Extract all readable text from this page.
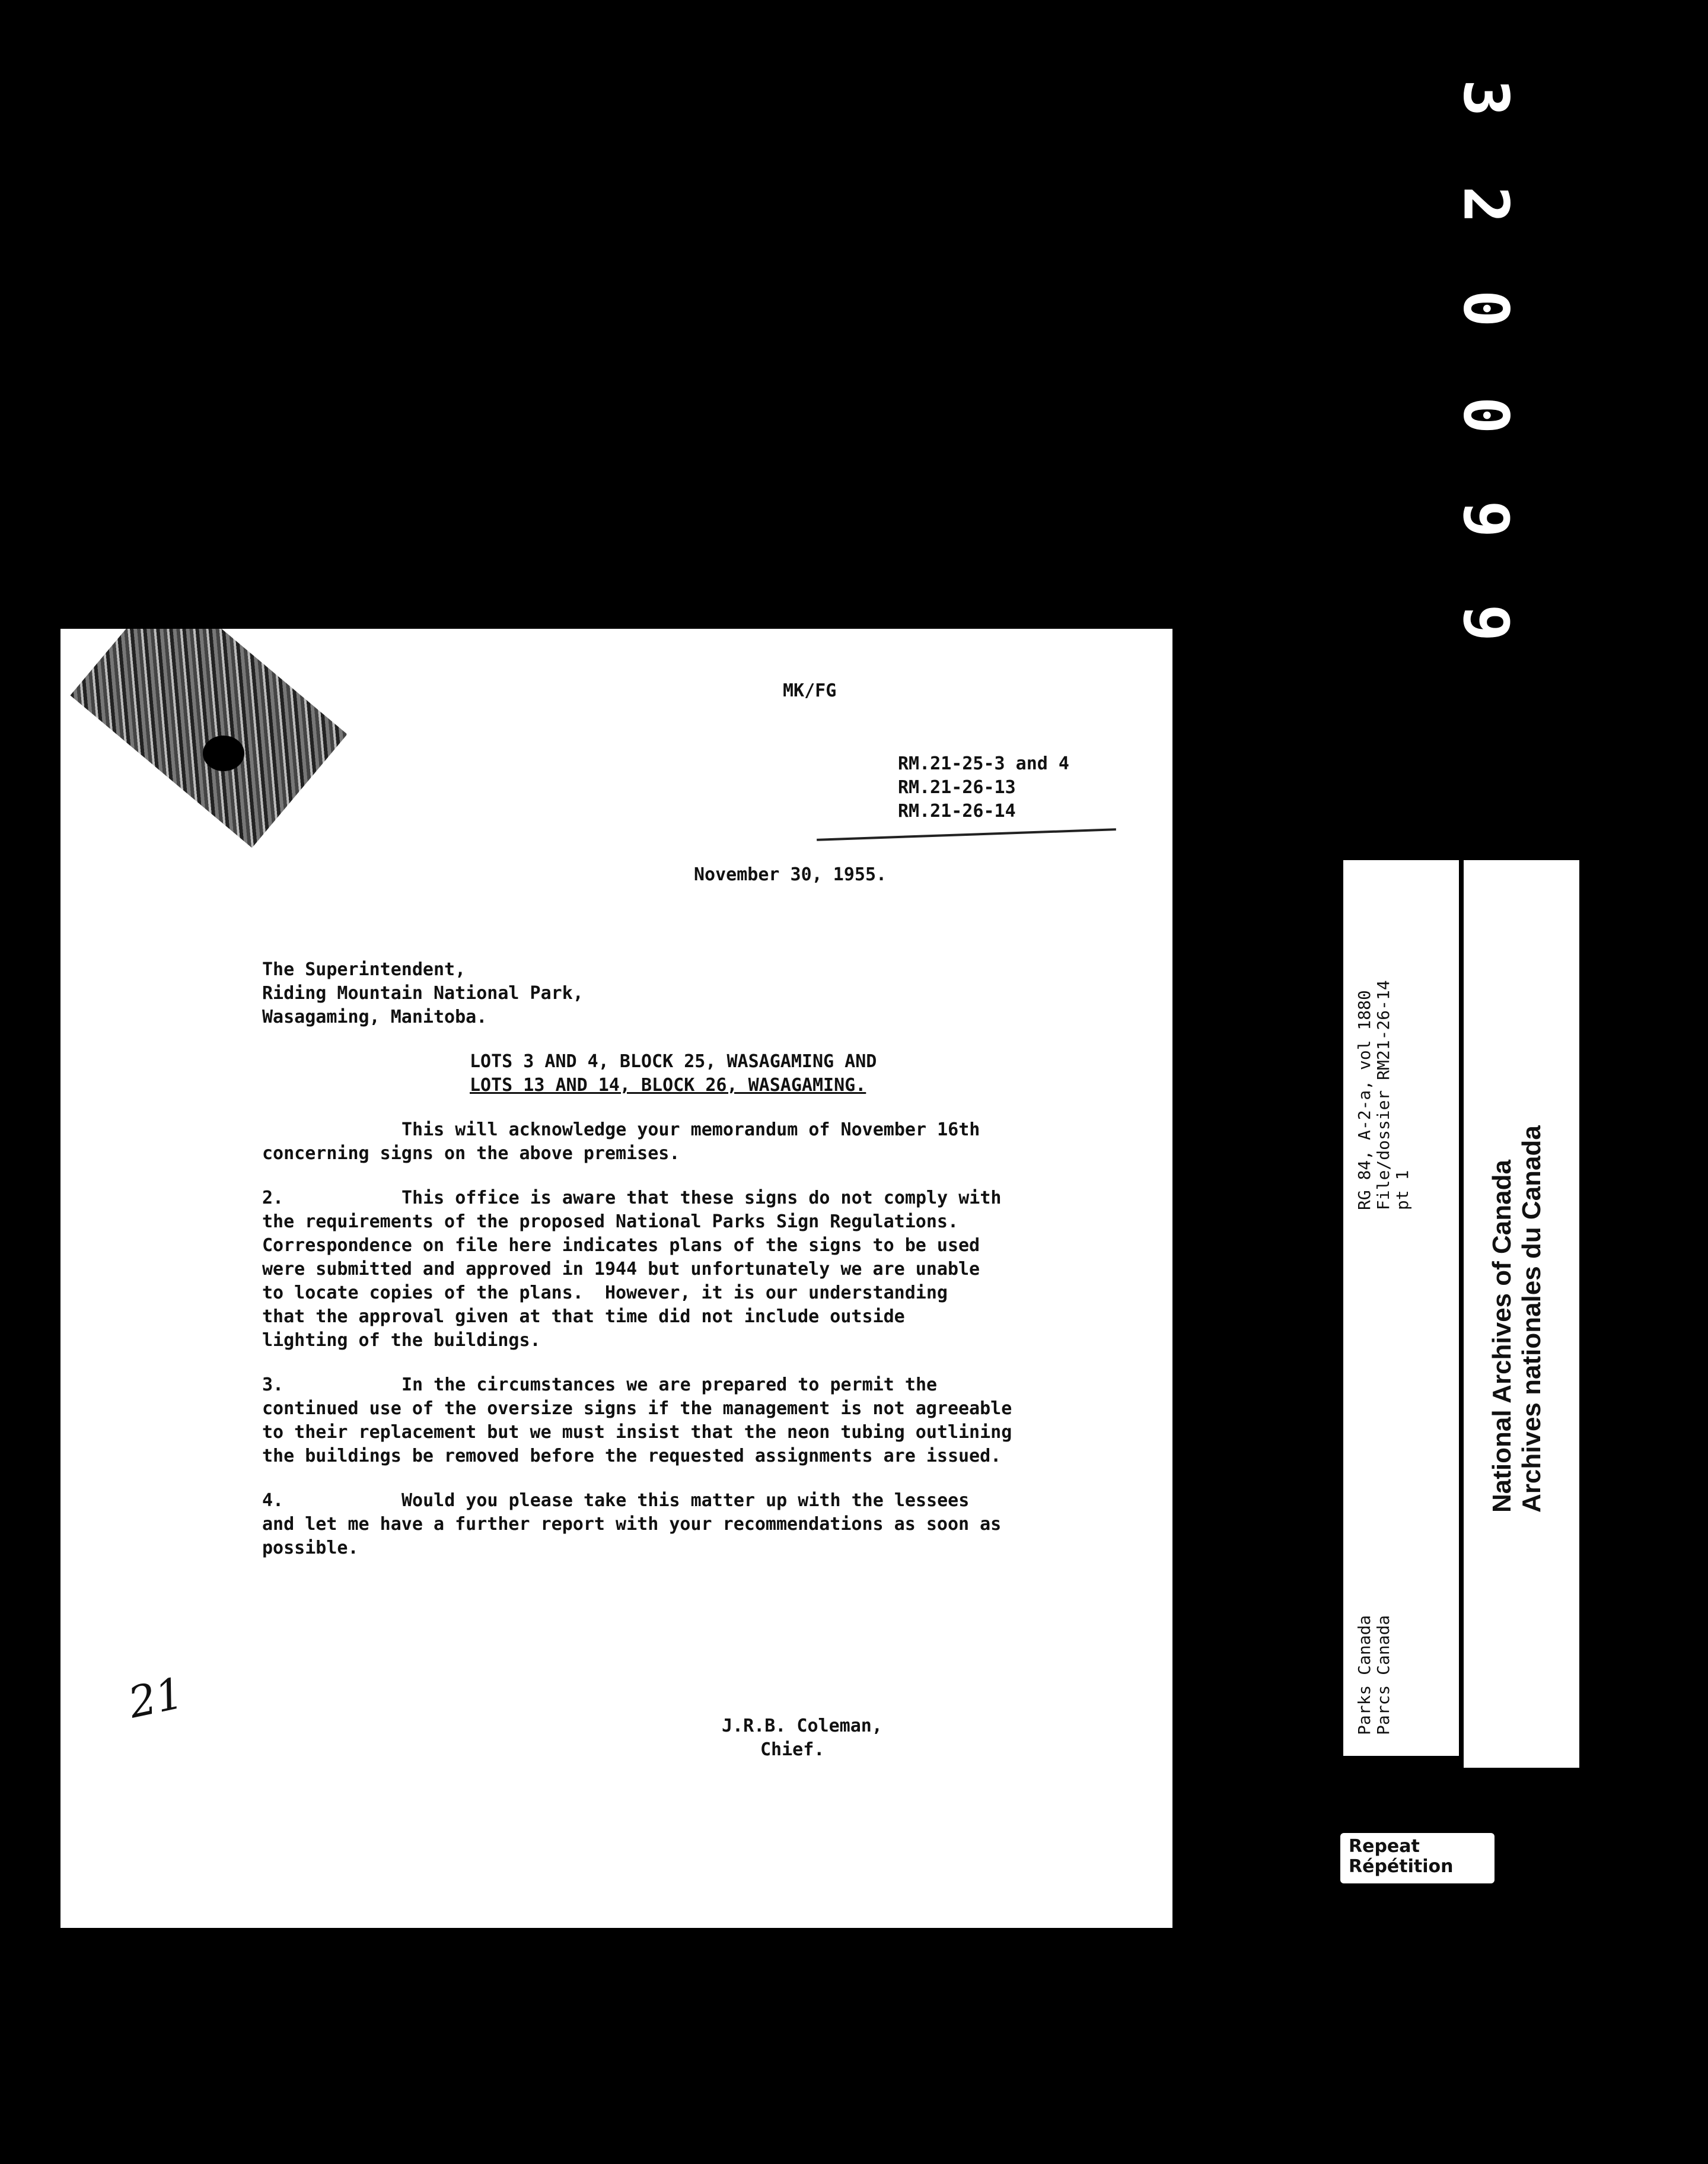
3
2
0
0
9
9
MK/FG
RM.21-25-3 and 4
RM.21-26-13
RM.21-26-14
November 30, 1955.
The Superintendent,
Riding Mountain National Park,
Wasagaming, Manitoba.
LOTS 3 AND 4, BLOCK 25, WASAGAMING AND
LOTS 13 AND 14, BLOCK 26, WASAGAMING.
This will acknowledge your memorandum of November 16th
concerning signs on the above premises.
2.	This office is aware that these signs do not comply with
the requirements of the proposed National Parks Sign Regulations.
Correspondence on file here indicates plans of the signs to be used
were submitted and approved in 1944 but unfortunately we are unable
to locate copies of the plans.  However, it is our understanding
that the approval given at that time did not include outside
lighting of the buildings.
3.	In the circumstances we are prepared to permit the
continued use of the oversize signs if the management is not agreeable
to their replacement but we must insist that the neon tubing outlining
the buildings be removed before the requested assignments are issued.
4.	Would you please take this matter up with the lessees
and let me have a further report with your recommendations as soon as
possible.
21	J.R.B. Coleman,
Chief.
RG 84, A-2-a, vol 1880 File/dossier RM21-26-14 pt 1
Parks Canada Parcs Canada
National Archives of Canada Archives nationales du Canada
Repeat
Répétition
